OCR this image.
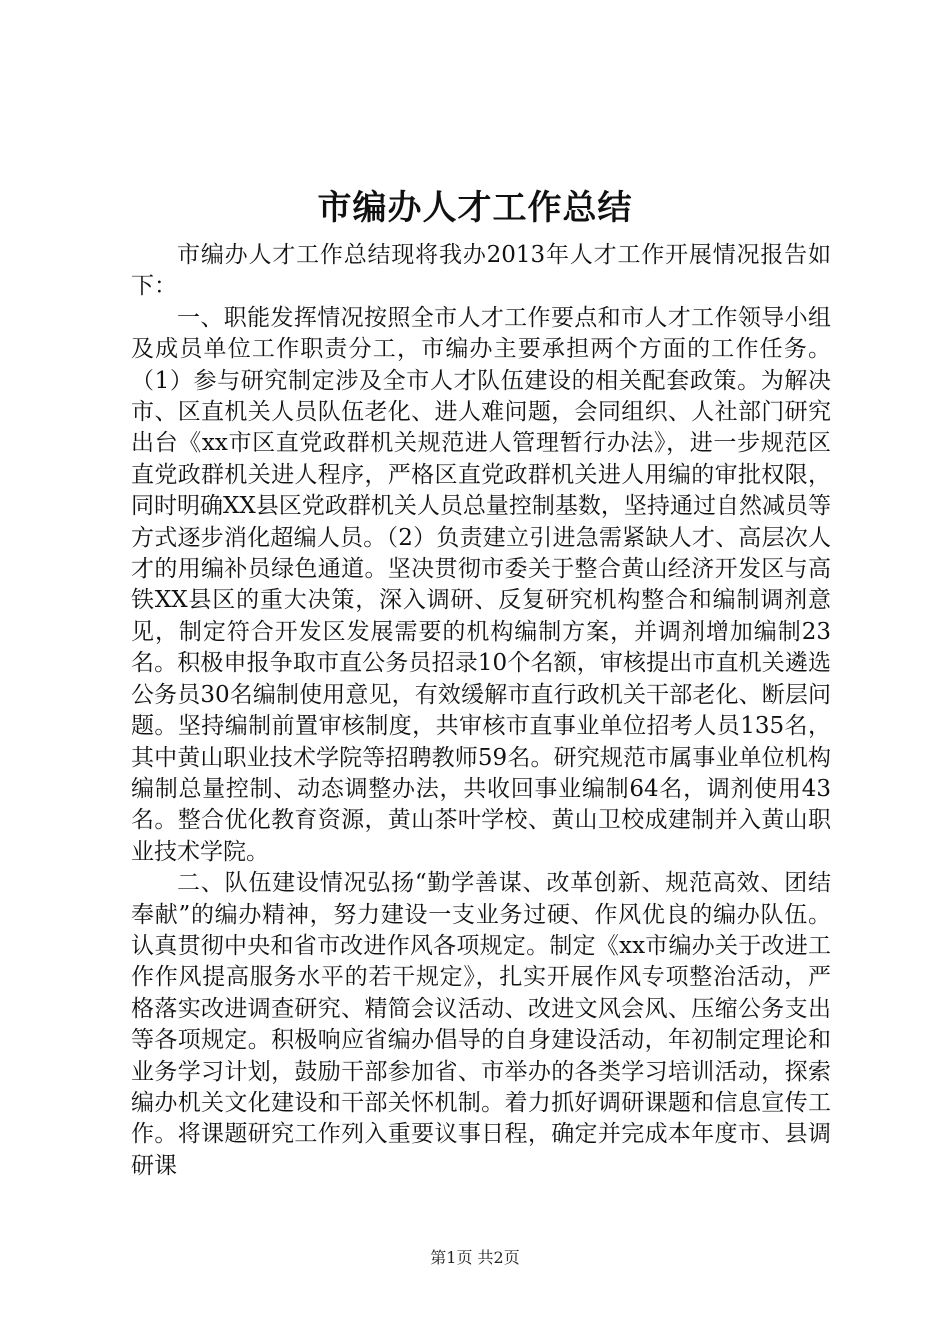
市编办人才工作总结

市编办人才工作总结现将我办2013年人才工作开展情况报告如下：

一、职能发挥情况按照全市人才工作要点和市人才工作领导小组及成员单位工作职责分工，市编办主要承担两个方面的工作任务。（1）参与研究制定涉及全市人才队伍建设的相关配套政策。为解决市、区直机关人员队伍老化、进人难问题，会同组织、人社部门研究出台《xx市区直党政群机关规范进人管理暂行办法》，进一步规范区直党政群机关进人程序，严格区直党政群机关进人用编的审批权限，同时明确XX县区党政群机关人员总量控制基数，坚持通过自然减员等方式逐步消化超编人员。（2）负责建立引进急需紧缺人才、高层次人才的用编补员绿色通道。坚决贯彻市委关于整合黄山经济开发区与高铁XX县区的重大决策，深入调研、反复研究机构整合和编制调剂意见，制定符合开发区发展需要的机构编制方案，并调剂增加编制23名。积极申报争取市直公务员招录10个名额，审核提出市直机关遴选公务员30名编制使用意见，有效缓解市直行政机关干部老化、断层问题。坚持编制前置审核制度，共审核市直事业单位招考人员135名，其中黄山职业技术学院等招聘教师59名。研究规范市属事业单位机构编制总量控制、动态调整办法，共收回事业编制64名，调剂使用43名。整合优化教育资源，黄山茶叶学校、黄山卫校成建制并入黄山职业技术学院。

二、队伍建设情况弘扬“勤学善谋、改革创新、规范高效、团结奉献”的编办精神，努力建设一支业务过硬、作风优良的编办队伍。认真贯彻中央和省市改进作风各项规定。制定《xx市编办关于改进工作作风提高服务水平的若干规定》，扎实开展作风专项整治活动，严格落实改进调查研究、精简会议活动、改进文风会风、压缩公务支出等各项规定。积极响应省编办倡导的自身建设活动，年初制定理论和业务学习计划，鼓励干部参加省、市举办的各类学习培训活动，探索编办机关文化建设和干部关怀机制。着力抓好调研课题和信息宣传工作。将课题研究工作列入重要议事日程，确定并完成本年度市、县调研课

第1页 共2页
